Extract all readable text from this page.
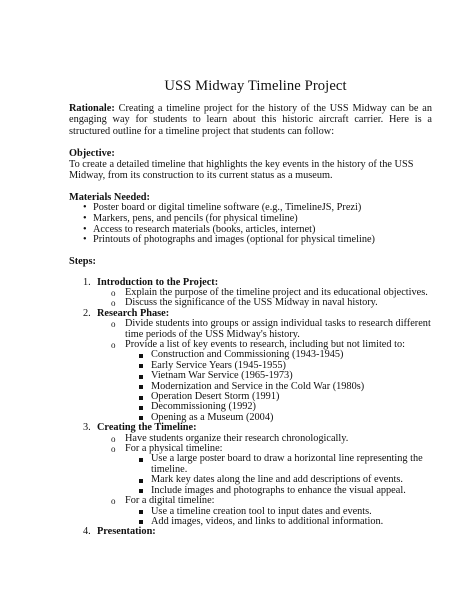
USS Midway Timeline Project

Rationale: Creating a timeline project for the history of the USS Midway can be an engaging way for students to learn about this historic aircraft carrier. Here is a structured outline for a timeline project that students can follow:

Objective:

To create a detailed timeline that highlights the key events in the history of the USS Midway, from its construction to its current status as a museum.

Materials Needed:

• Poster board or digital timeline software (e.g., TimelineJS, Prezi)
• Markers, pens, and pencils (for physical timeline)
• Access to research materials (books, articles, internet)
• Printouts of photographs and images (optional for physical timeline)

Steps:

1. Introduction to the Project:
o Explain the purpose of the timeline project and its educational objectives.
o Discuss the significance of the USS Midway in naval history.
2. Research Phase:
o Divide students into groups or assign individual tasks to research different time periods of the USS Midway's history.
o Provide a list of key events to research, including but not limited to:
Construction and Commissioning (1943-1945)
Early Service Years (1945-1955)
Vietnam War Service (1965-1973)
Modernization and Service in the Cold War (1980s)
Operation Desert Storm (1991)
Decommissioning (1992)
Opening as a Museum (2004)
3. Creating the Timeline:
o Have students organize their research chronologically.
o For a physical timeline:
Use a large poster board to draw a horizontal line representing the timeline.
Mark key dates along the line and add descriptions of events.
Include images and photographs to enhance the visual appeal.
o For a digital timeline:
Use a timeline creation tool to input dates and events.
Add images, videos, and links to additional information.
4. Presentation:
